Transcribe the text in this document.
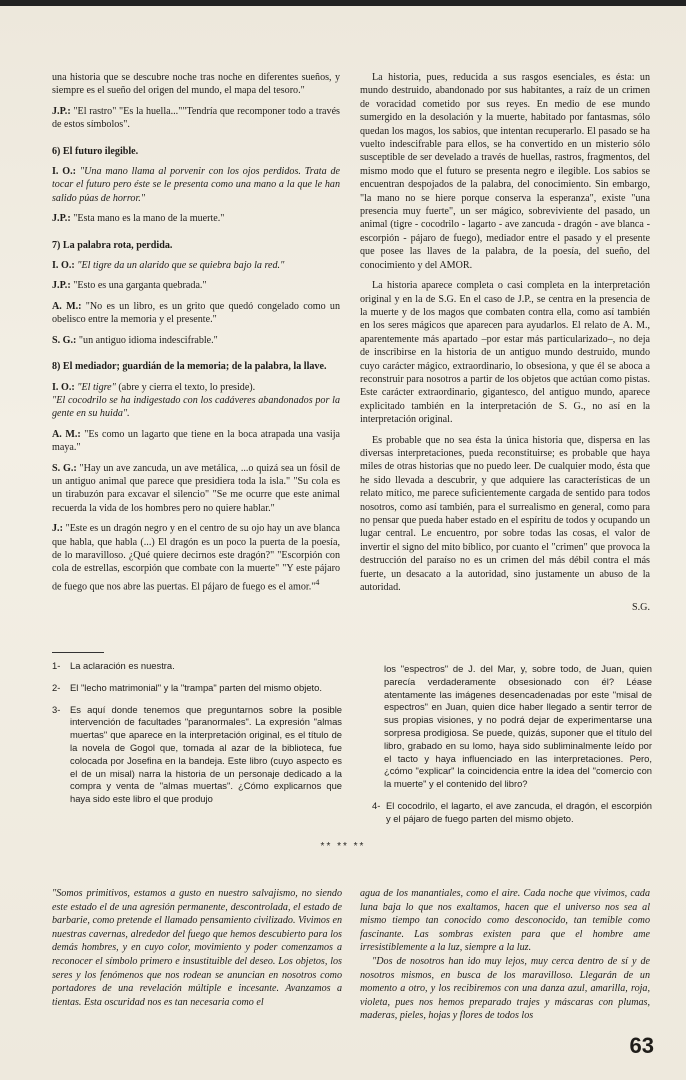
una historia que se descubre noche tras noche en diferentes sueños, y siempre es el sueño del origen del mundo, el mapa del tesoro."

J.P.: "El rastro" "Es la huella...""Tendría que recomponer todo a través de estos símbolos".

6) El futuro ilegible.

I. O.: "Una mano llama al porvenir con los ojos perdidos. Trata de tocar el futuro pero éste se le presenta como una mano a la que le han salido púas de horror."

J.P.: "Esta mano es la mano de la muerte."

7) La palabra rota, perdida.

I. O.: "El tigre da un alarido que se quiebra bajo la red."

J.P.: "Esto es una garganta quebrada."

A. M.: "No es un libro, es un grito que quedó congelado como un obelisco entre la memoria y el presente."

S. G.: "un antiguo idioma indescifrable."

8) El mediador; guardián de la memoria; de la palabra, la llave.

I. O.: "El tigre" (abre y cierra el texto, lo preside).

"El cocodrilo se ha indigestado con los cadáveres abandonados por la gente en su huida".

A. M.: "Es como un lagarto que tiene en la boca atrapada una vasija maya."

S. G.: "Hay un ave zancuda, un ave metálica, ...o quizá sea un fósil de un antiguo animal que parece que presidiera toda la isla." "Su cola es un tirabuzón para excavar el silencio" "Se me ocurre que este animal recuerda la vida de los hombres pero no quiere hablar."

J.: "Este es un dragón negro y en el centro de su ojo hay un ave blanca que habla, que habla (...) El dragón es un poco la puerta de la poesía, de lo maravilloso. ¿Qué quiere decirnos este dragón?" "Escorpión con cola de estrellas, escorpión que combate con la muerte" "Y este pájaro de fuego que nos abre las puertas. El pájaro de fuego es el amor."$^4$

La historia, pues, reducida a sus rasgos esenciales, es ésta: un mundo destruido, abandonado por sus habitantes, a raíz de un crimen de voracidad cometido por sus reyes. En medio de ese mundo sumergido en la desolación y la muerte, habitado por fantasmas, sólo quedan los magos, los sabios, que intentan recuperarlo. El pasado se ha vuelto indescifrable para ellos, se ha convertido en un misterio sólo susceptible de ser develado a través de huellas, rastros, fragmentos, del mismo modo que el futuro se presenta negro e ilegible. Los sabios se encuentran despojados de la palabra, del conocimiento. Sin embargo, "la mano no se hiere porque conserva la esperanza", existe "una presencia muy fuerte", un ser mágico, sobreviviente del pasado, un animal (tigre - cocodrilo - lagarto - ave zancuda - dragón - ave blanca - escorpión - pájaro de fuego), mediador entre el pasado y el presente que posee las llaves de la palabra, de la poesía, del sueño, del conocimiento y del AMOR.

La historia aparece completa o casi completa en la interpretación original y en la de S.G. En el caso de J.P., se centra en la presencia de la muerte y de los magos que combaten contra ella, como así también en los seres mágicos que aparecen para ayudarlos. El relato de A. M., aparentemente más apartado –por estar más particularizado–, no deja de inscribirse en la historia de un antiguo mundo destruido, mundo cuyo carácter mágico, extraordinario, lo obsesiona, y que él se aboca a reconstruir para nosotros a partir de los objetos que actúan como pistas. Este carácter extraordinario, gigantesco, del antiguo mundo, aparece explicitado también en la interpretación de S. G., no así en la interpretación original.

Es probable que no sea ésta la única historia que, dispersa en las diversas interpretaciones, pueda reconstituirse; es probable que haya miles de otras historias que no puedo leer. De cualquier modo, ésta que he sido llevada a descubrir, y que adquiere las características de un relato mítico, me parece suficientemente cargada de sentido para todos nosotros, como así también, para el surrealismo en general, como para no pensar que pueda haber estado en el espíritu de todos y ocupando un lugar central. Le encuentro, por sobre todas las cosas, el valor de invertir el signo del mito bíblico, por cuanto el "crimen" que provoca la destrucción del paraíso no es un crimen del más débil contra el más fuerte, un desacato a la autoridad, sino justamente un abuso de la autoridad.

S.G.

1-	La aclaración es nuestra.
2-	El "lecho matrimonial" y la "trampa" parten del mismo objeto.
3-	Es aquí donde tenemos que preguntarnos sobre la posible intervención de facultades "paranormales". La expresión "almas muertas" que aparece en la interpretación original, es el título de la novela de Gogol que, tomada al azar de la biblioteca, fue colocada por Josefina en la bandeja. Este libro (cuyo aspecto es el de un misal) narra la historia de un personaje dedicado a la compra y venta de "almas muertas". ¿Cómo explicarnos que haya sido este libro el que produjo
los "espectros" de J. del Mar, y, sobre todo, de Juan, quien parecía verdaderamente obsesionado con él? Léase atentamente las imágenes desencadenadas por este "misal de espectros" en Juan, quien dice haber llegado a sentir terror de sus propias visiones, y no podrá dejar de experimentarse una sorpresa prodigiosa. Se puede, quizás, suponer que el título del libro, grabado en su lomo, haya sido subliminalmente leído por el tacto y haya influenciado en las interpretaciones. Pero, ¿cómo "explicar" la coincidencia entre la idea del "comercio con la muerte" y el contenido del libro?
4- El cocodrilo, el lagarto, el ave zancuda, el dragón, el escorpión y el pájaro de fuego parten del mismo objeto.
** ** **

"Somos primitivos, estamos a gusto en nuestro salvajismo, no siendo este estado el de una agresión permanente, descontrolada, el estado de barbarie, como pretende el llamado pensamiento civilizado. Vivimos en nuestras cavernas, alrededor del fuego que hemos descubierto para los demás hombres, y en cuyo color, movimiento y poder comenzamos a reconocer el símbolo primero e insustituible del deseo. Los objetos, los seres y los fenómenos que nos rodean se anuncian en nosotros como portadores de una revelación múltiple e incesante. Avanzamos a tientas. Esta oscuridad nos es tan necesaria como el

agua de los manantiales, como el aire. Cada noche que vivimos, cada luna baja lo que nos exaltamos, hacen que el universo nos sea al mismo tiempo tan conocido como desconocido, tan temible como fascinante. Las sombras existen para que el hombre ame irresistiblemente a la luz, siempre a la luz.

"Dos de nosotros han ido muy lejos, muy cerca dentro de sí y de nosotros mismos, en busca de los maravilloso. Llegarán de un momento a otro, y los recibiremos con una danza azul, amarilla, roja, violeta, pues nos hemos preparado trajes y máscaras con plumas, maderas, pieles, hojas y flores de todos los

63
